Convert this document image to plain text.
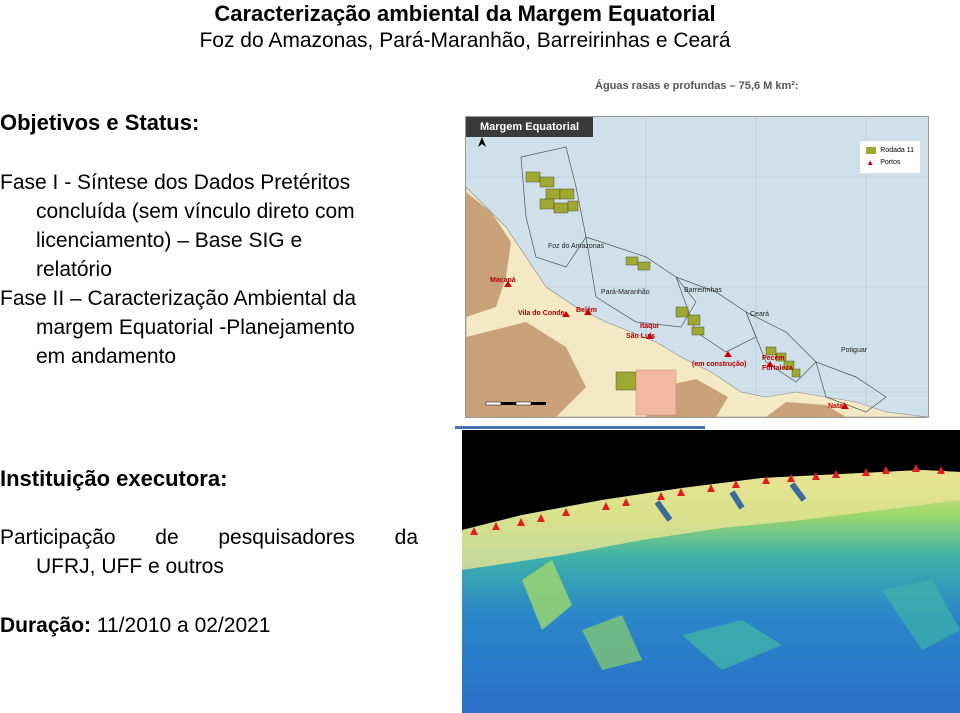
Caracterização ambiental da Margem Equatorial
Foz do Amazonas, Pará-Maranhão, Barreirinhas e Ceará
Objetivos e Status:
Fase I - Síntese dos Dados Pretéritos
concluída (sem vínculo direto com
licenciamento) – Base SIG e
relatório
Fase II – Caracterização Ambiental da
margem Equatorial -Planejamento
em andamento
Instituição executora:
Participação de pesquisadores da
UFRJ, UFF e outros
Duração: 11/2010 a 02/2021
Águas rasas e profundas – 75,6 M km²:
Margem Equatorial
Rodada 11
▲ Portos
Foz do Amazonas
Pará-Maranhão	Barreirinhas
Ceará
Potiguar
Macapá
Vila do Conde Belém
Itaqui
São Luís
(em construção)
Pecém
Fortaleza
Natal
